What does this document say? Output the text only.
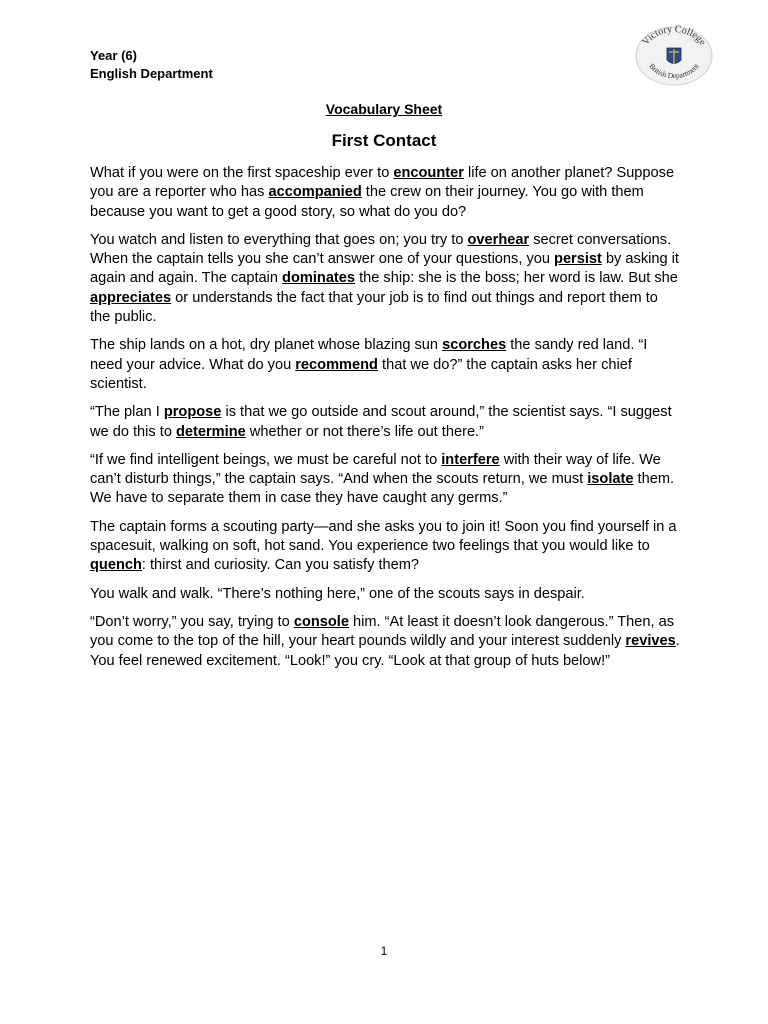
Year (6)
English Department
Victory College
British Department
Vocabulary Sheet
First Contact

What if you were on the first spaceship ever to encounter life on another planet? Suppose you are a reporter who has accompanied the crew on their journey. You go with them because you want to get a good story, so what do you do?

You watch and listen to everything that goes on; you try to overhear secret conversations. When the captain tells you she can’t answer one of your questions, you persist by asking it again and again. The captain dominates the ship: she is the boss; her word is law. But she appreciates or understands the fact that your job is to find out things and report them to the public.

The ship lands on a hot, dry planet whose blazing sun scorches the sandy red land. “I need your advice. What do you recommend that we do?” the captain asks her chief scientist.

“The plan I propose is that we go outside and scout around,” the scientist says. “I suggest we do this to determine whether or not there’s life out there.”

“If we find intelligent beings, we must be careful not to interfere with their way of life. We can’t disturb things,” the captain says. “And when the scouts return, we must isolate them. We have to separate them in case they have caught any germs.”

The captain forms a scouting party—and she asks you to join it! Soon you find yourself in a spacesuit, walking on soft, hot sand. You experience two feelings that you would like to quench: thirst and curiosity. Can you satisfy them?

You walk and walk. “There’s nothing here,” one of the scouts says in despair.

“Don’t worry,” you say, trying to console him. “At least it doesn’t look dangerous.” Then, as you come to the top of the hill, your heart pounds wildly and your interest suddenly revives. You feel renewed excitement. “Look!” you cry. “Look at that group of huts below!”

1
